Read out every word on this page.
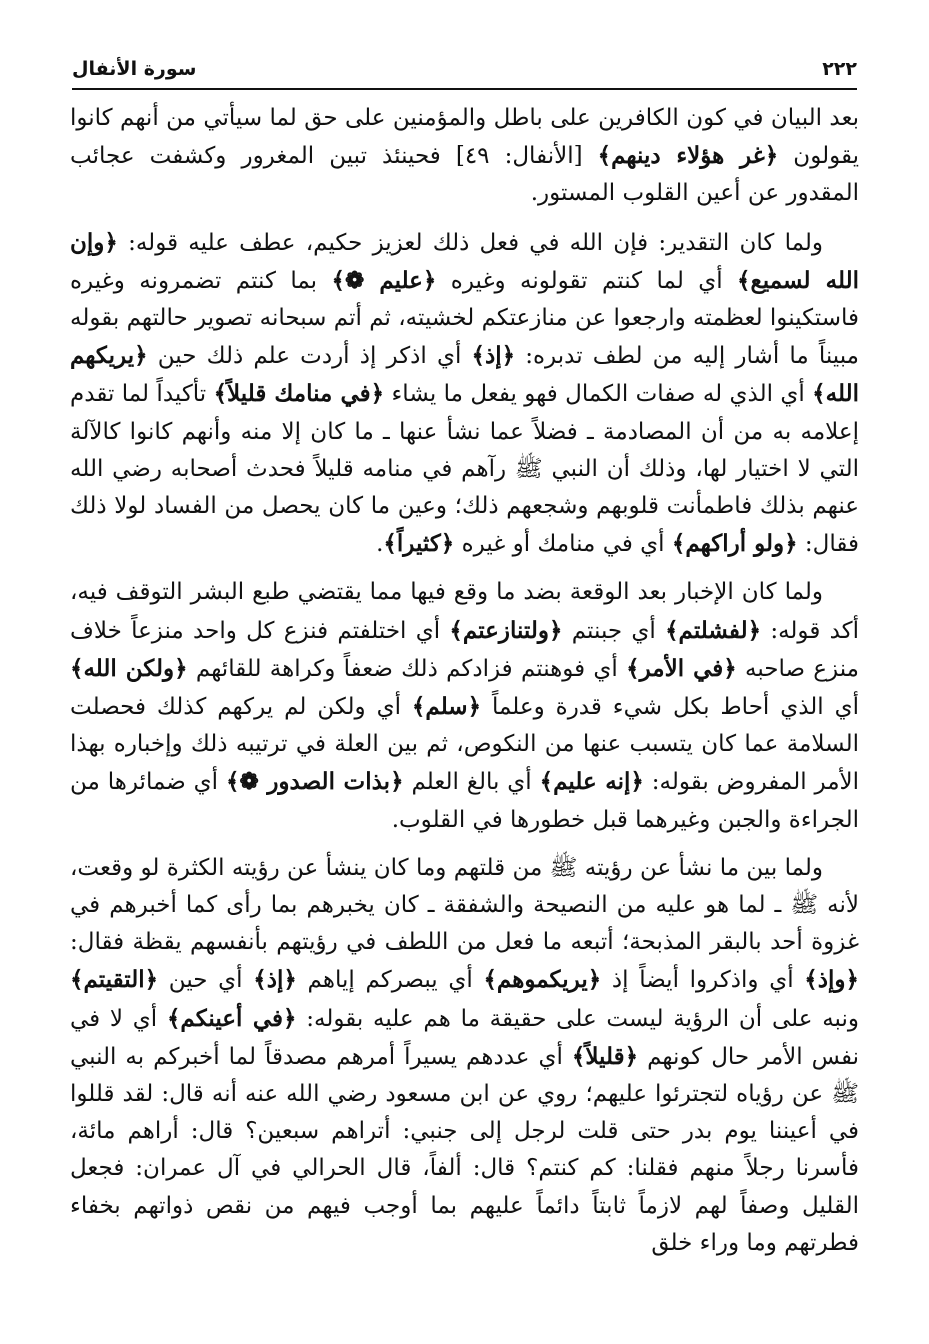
سورة الأنفال	٢٢٢

بعد البيان في كون الكافرين على باطل والمؤمنين على حق لما سيأتي من أنهم كانوا يقولون ﴿غر هؤلاء دينهم﴾ [الأنفال: ٤٩] فحينئذ تبين المغرور وكشفت عجائب المقدور عن أعين القلوب المستور.

ولما كان التقدير: فإن الله في فعل ذلك لعزيز حكيم، عطف عليه قوله: ﴿وإن الله لسميع﴾ أي لما كنتم تقولونه وغيره ﴿عليم ❁﴾ بما كنتم تضمرونه وغيره فاستكينوا لعظمته وارجعوا عن منازعتكم لخشيته، ثم أتم سبحانه تصوير حالتهم بقوله مبيناً ما أشار إليه من لطف تدبره: ﴿إذ﴾ أي اذكر إذ أردت علم ذلك حين ﴿يريكهم الله﴾ أي الذي له صفات الكمال فهو يفعل ما يشاء ﴿في منامك قليلاً﴾ تأكيداً لما تقدم إعلامه به من أن المصادمة ـ فضلاً عما نشأ عنها ـ ما كان إلا منه وأنهم كانوا كالآلة التي لا اختيار لها، وذلك أن النبي ﷺ رآهم في منامه قليلاً فحدث أصحابه رضي الله عنهم بذلك فاطمأنت قلوبهم وشجعهم ذلك؛ وعين ما كان يحصل من الفساد لولا ذلك فقال: ﴿ولو أراكهم﴾ أي في منامك أو غيره ﴿كثيراً﴾.

ولما كان الإخبار بعد الوقعة بضد ما وقع فيها مما يقتضي طبع البشر التوقف فيه، أكد قوله: ﴿لفشلتم﴾ أي جبنتم ﴿ولتنازعتم﴾ أي اختلفتم فنزع كل واحد منزعاً خلاف منزع صاحبه ﴿في الأمر﴾ أي فوهنتم فزادكم ذلك ضعفاً وكراهة للقائهم ﴿ولكن الله﴾ أي الذي أحاط بكل شيء قدرة وعلماً ﴿سلم﴾ أي ولكن لم يركهم كذلك فحصلت السلامة عما كان يتسبب عنها من النكوص، ثم بين العلة في ترتيبه ذلك وإخباره بهذا الأمر المفروض بقوله: ﴿إنه عليم﴾ أي بالغ العلم ﴿بذات الصدور ❁﴾ أي ضمائرها من الجراءة والجبن وغيرهما قبل خطورها في القلوب.

ولما بين ما نشأ عن رؤيته ﷺ من قلتهم وما كان ينشأ عن رؤيته الكثرة لو وقعت، لأنه ﷺ ـ لما هو عليه من النصيحة والشفقة ـ كان يخبرهم بما رأى كما أخبرهم في غزوة أحد بالبقر المذبحة؛ أتبعه ما فعل من اللطف في رؤيتهم بأنفسهم يقظة فقال: ﴿وإذ﴾ أي واذكروا أيضاً إذ ﴿يريكموهم﴾ أي يبصركم إياهم ﴿إذ﴾ أي حين ﴿التقيتم﴾ ونبه على أن الرؤية ليست على حقيقة ما هم عليه بقوله: ﴿في أعينكم﴾ أي لا في نفس الأمر حال كونهم ﴿قليلاً﴾ أي عددهم يسيراً أمرهم مصدقاً لما أخبركم به النبي ﷺ عن رؤياه لتجترئوا عليهم؛ روي عن ابن مسعود رضي الله عنه أنه قال: لقد قللوا في أعيننا يوم بدر حتى قلت لرجل إلى جنبي: أتراهم سبعين؟ قال: أراهم مائة، فأسرنا رجلاً منهم فقلنا: كم كنتم؟ قال: ألفاً، قال الحرالي في آل عمران: فجعل القليل وصفاً لهم لازماً ثابتاً دائماً عليهم بما أوجب فيهم من نقص ذواتهم بخفاء فطرتهم وما وراء خلق
